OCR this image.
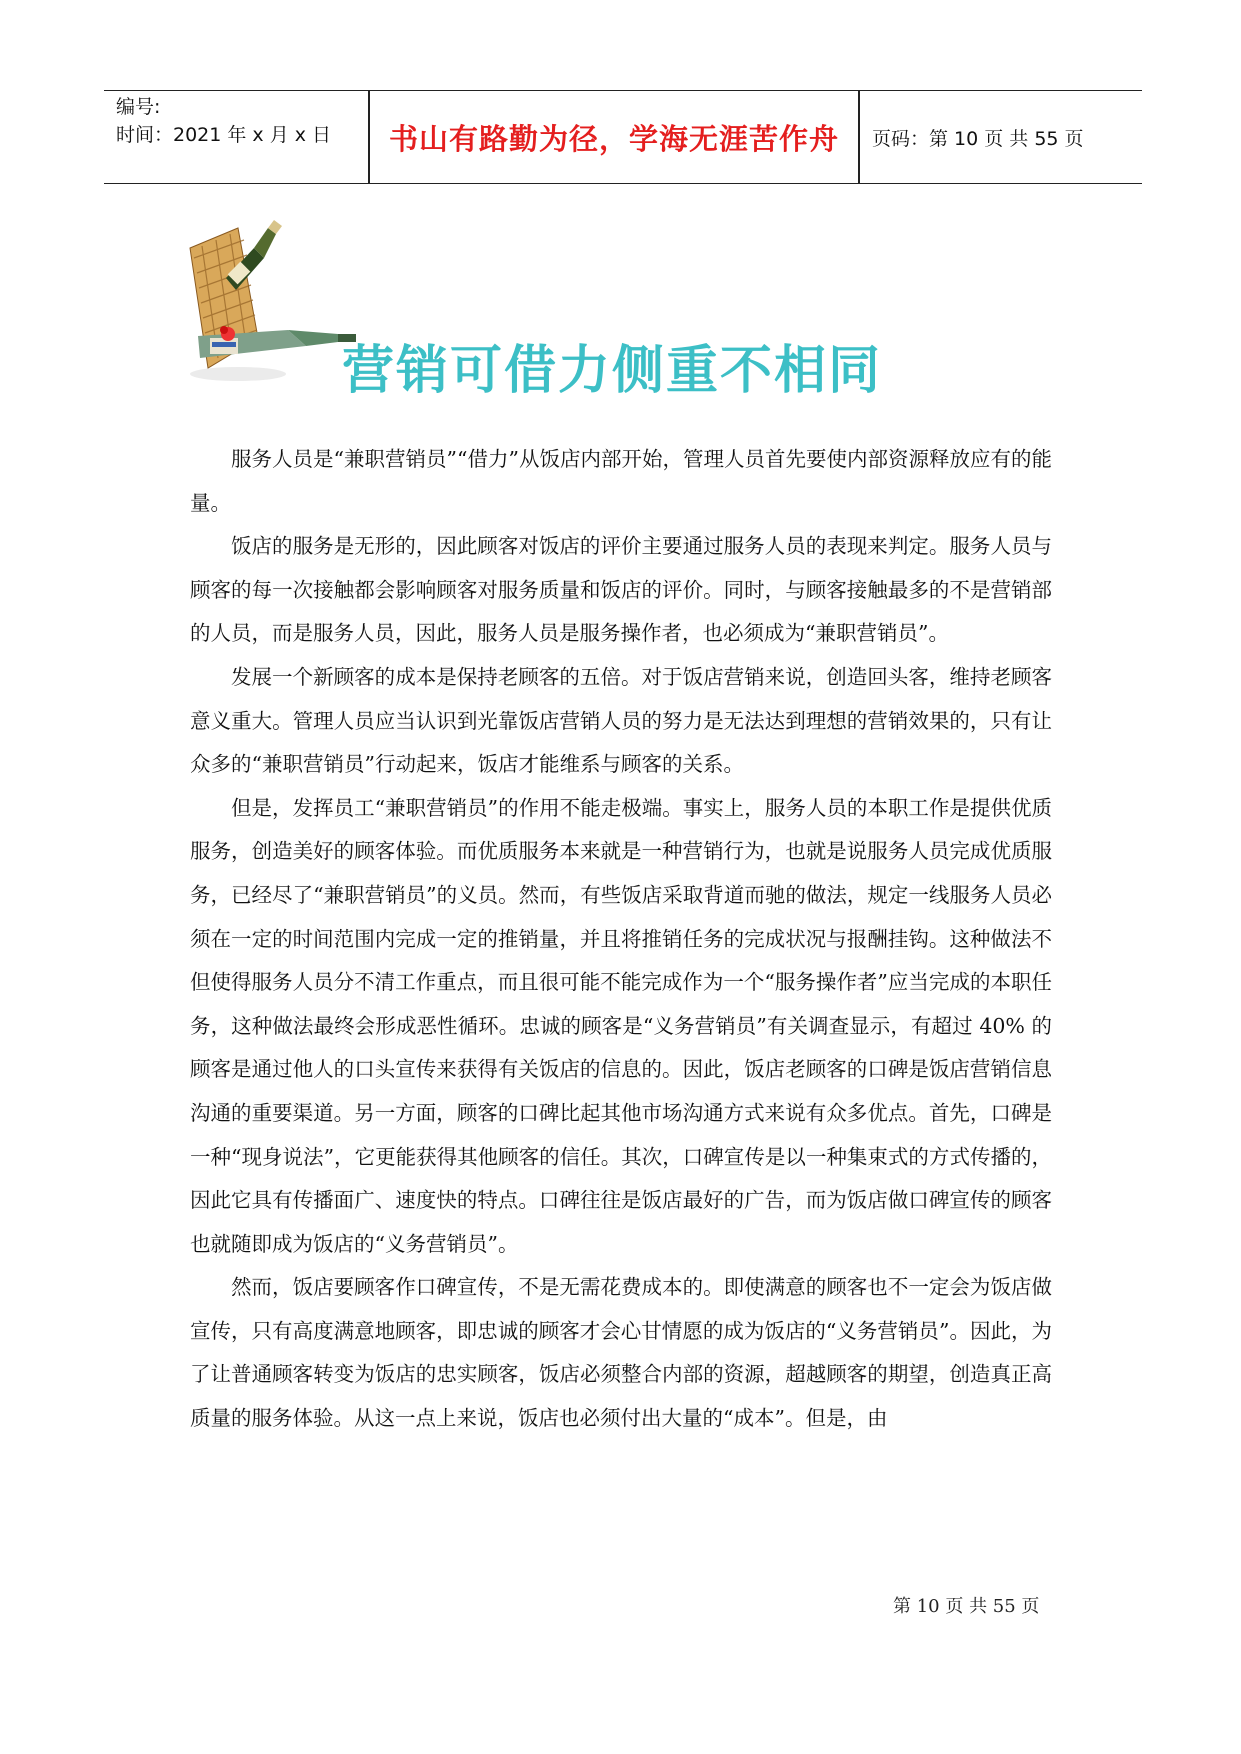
编号:
时间：2021 年 x 月 x 日	书山有路勤为径，学海无涯苦作舟	页码：第 10 页 共 55 页
营销可借力侧重不相同

服务人员是“兼职营销员”“借力”从饭店内部开始，管理人员首先要使内部资源释放应有的能量。

饭店的服务是无形的，因此顾客对饭店的评价主要通过服务人员的表现来判定。服务人员与顾客的每一次接触都会影响顾客对服务质量和饭店的评价。同时，与顾客接触最多的不是营销部的人员，而是服务人员，因此，服务人员是服务操作者，也必须成为“兼职营销员”。

发展一个新顾客的成本是保持老顾客的五倍。对于饭店营销来说，创造回头客，维持老顾客意义重大。管理人员应当认识到光靠饭店营销人员的努力是无法达到理想的营销效果的，只有让众多的“兼职营销员”行动起来，饭店才能维系与顾客的关系。

但是，发挥员工“兼职营销员”的作用不能走极端。事实上，服务人员的本职工作是提供优质服务，创造美好的顾客体验。而优质服务本来就是一种营销行为，也就是说服务人员完成优质服务，已经尽了“兼职营销员”的义员。然而，有些饭店采取背道而驰的做法，规定一线服务人员必须在一定的时间范围内完成一定的推销量，并且将推销任务的完成状况与报酬挂钩。这种做法不但使得服务人员分不清工作重点，而且很可能不能完成作为一个“服务操作者”应当完成的本职任务，这种做法最终会形成恶性循环。忠诚的顾客是“义务营销员”有关调查显示，有超过 40% 的顾客是通过他人的口头宣传来获得有关饭店的信息的。因此，饭店老顾客的口碑是饭店营销信息沟通的重要渠道。另一方面，顾客的口碑比起其他市场沟通方式来说有众多优点。首先，口碑是一种“现身说法”，它更能获得其他顾客的信任。其次，口碑宣传是以一种集束式的方式传播的，因此它具有传播面广、速度快的特点。口碑往往是饭店最好的广告，而为饭店做口碑宣传的顾客也就随即成为饭店的“义务营销员”。

然而，饭店要顾客作口碑宣传，不是无需花费成本的。即使满意的顾客也不一定会为饭店做宣传，只有高度满意地顾客，即忠诚的顾客才会心甘情愿的成为饭店的“义务营销员”。因此，为了让普通顾客转变为饭店的忠实顾客，饭店必须整合内部的资源，超越顾客的期望，创造真正高质量的服务体验。从这一点上来说，饭店也必须付出大量的“成本”。但是，由

第 10 页 共 55 页
